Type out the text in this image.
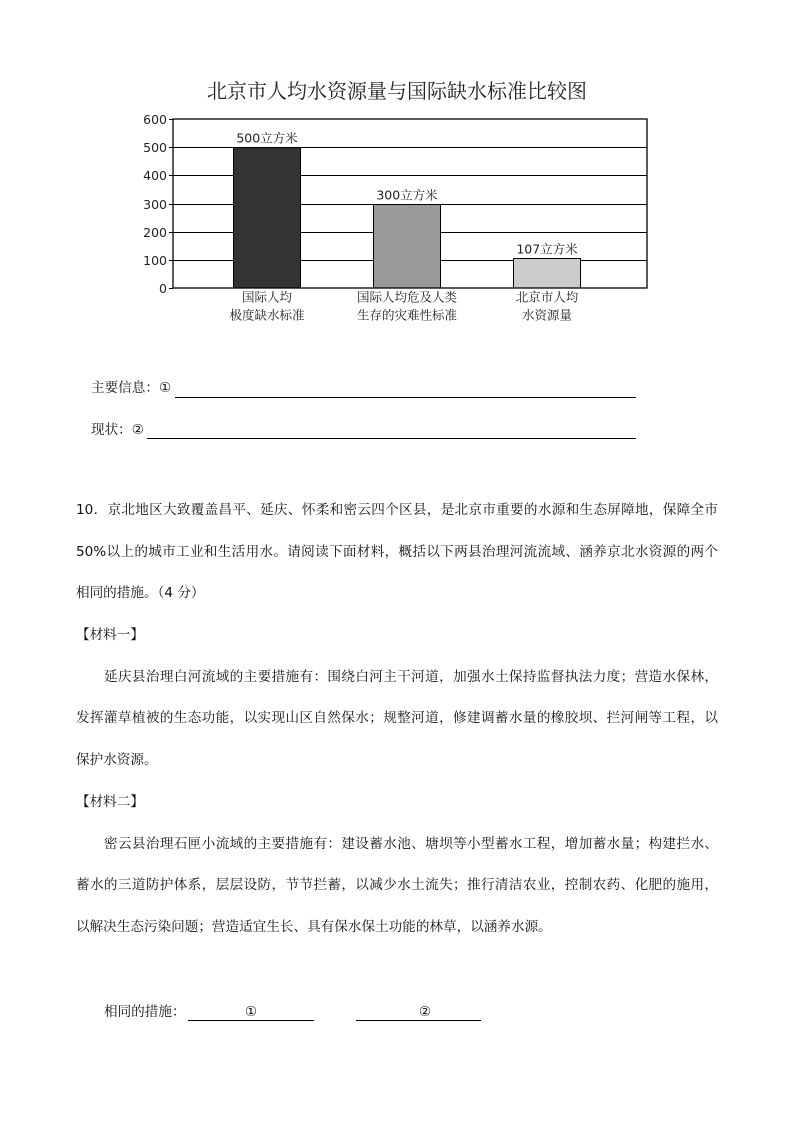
北京市人均水资源量与国际缺水标准比较图
0
100
200
300
400
500
600
500立方米
国际人均
极度缺水标准
300立方米
国际人均危及人类
生存的灾难性标准
107立方米
北京市人均
水资源量
主要信息：①
现状：②
10．京北地区大致覆盖昌平、延庆、怀柔和密云四个区县，是北京市重要的水源和生态屏障地，保障全市
50%以上的城市工业和生活用水。请阅读下面材料，概括以下两县治理河流流域、涵养京北水资源的两个
相同的措施。（4 分）
【材料一】
延庆县治理白河流域的主要措施有：围绕白河主干河道，加强水土保持监督执法力度；营造水保林，
发挥灌草植被的生态功能，以实现山区自然保水；规整河道，修建调蓄水量的橡胶坝、拦河闸等工程，以
保护水资源。
【材料二】
密云县治理石匣小流域的主要措施有：建设蓄水池、塘坝等小型蓄水工程，增加蓄水量；构建拦水、
蓄水的三道防护体系，层层设防，节节拦蓄，以减少水土流失；推行清洁农业，控制农药、化肥的施用，
以解决生态污染问题；营造适宜生长、具有保水保土功能的林草，以涵养水源。
相同的措施：	①	②
